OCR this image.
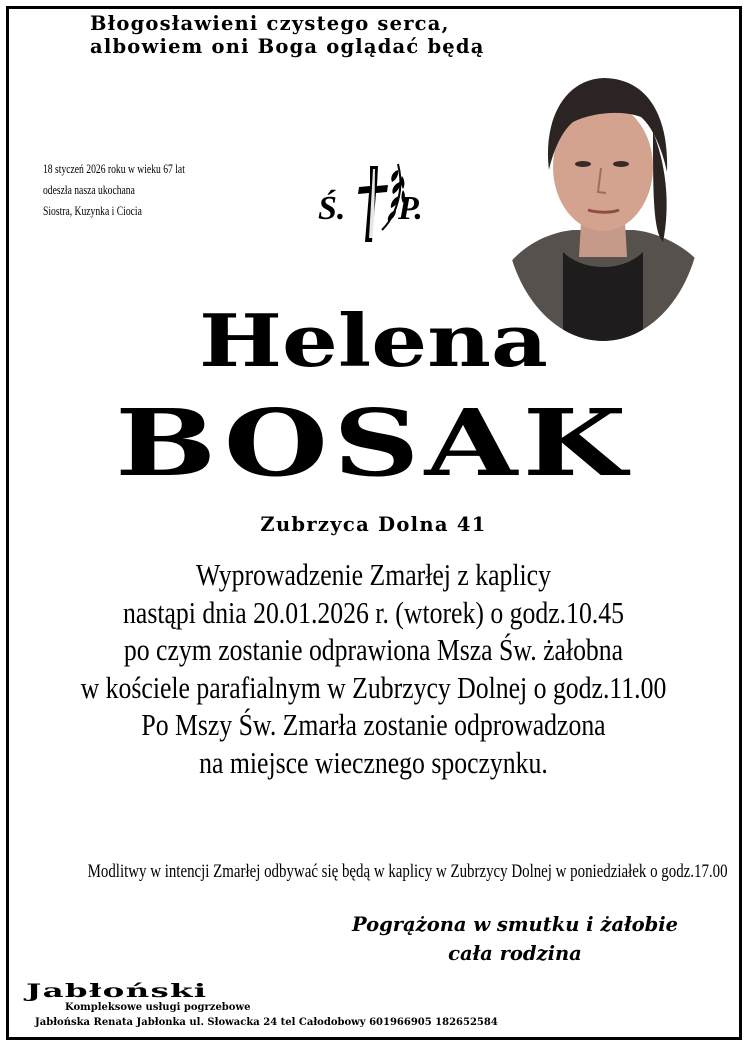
Błogosławieni czystego serca,
albowiem oni Boga oglądać będą
18 styczeń 2026 roku w wieku 67 lat
odeszła nasza ukochana
Siostra, Kuzynka i Ciocia	Ś. P.
Helena
BOSAK
Zubrzyca Dolna 41
Wyprowadzenie Zmarłej z kaplicy
nastąpi dnia 20.01.2026 r. (wtorek) o godz.10.45
po czym zostanie odprawiona Msza Św. żałobna
w kościele parafialnym w Zubrzycy Dolnej o godz.11.00
Po Mszy Św. Zmarła zostanie odprowadzona
na miejsce wiecznego spoczynku.
Modlitwy w intencji Zmarłej odbywać się będą w kaplicy w Zubrzycy Dolnej w poniedziałek o godz.17.00
Pogrążona w smutku i żałobie
cała rodzina
Jabłoński
Kompleksowe usługi pogrzebowe
Jabłońska Renata Jabłonka ul. Słowacka 24 tel Całodobowy 601966905 182652584
